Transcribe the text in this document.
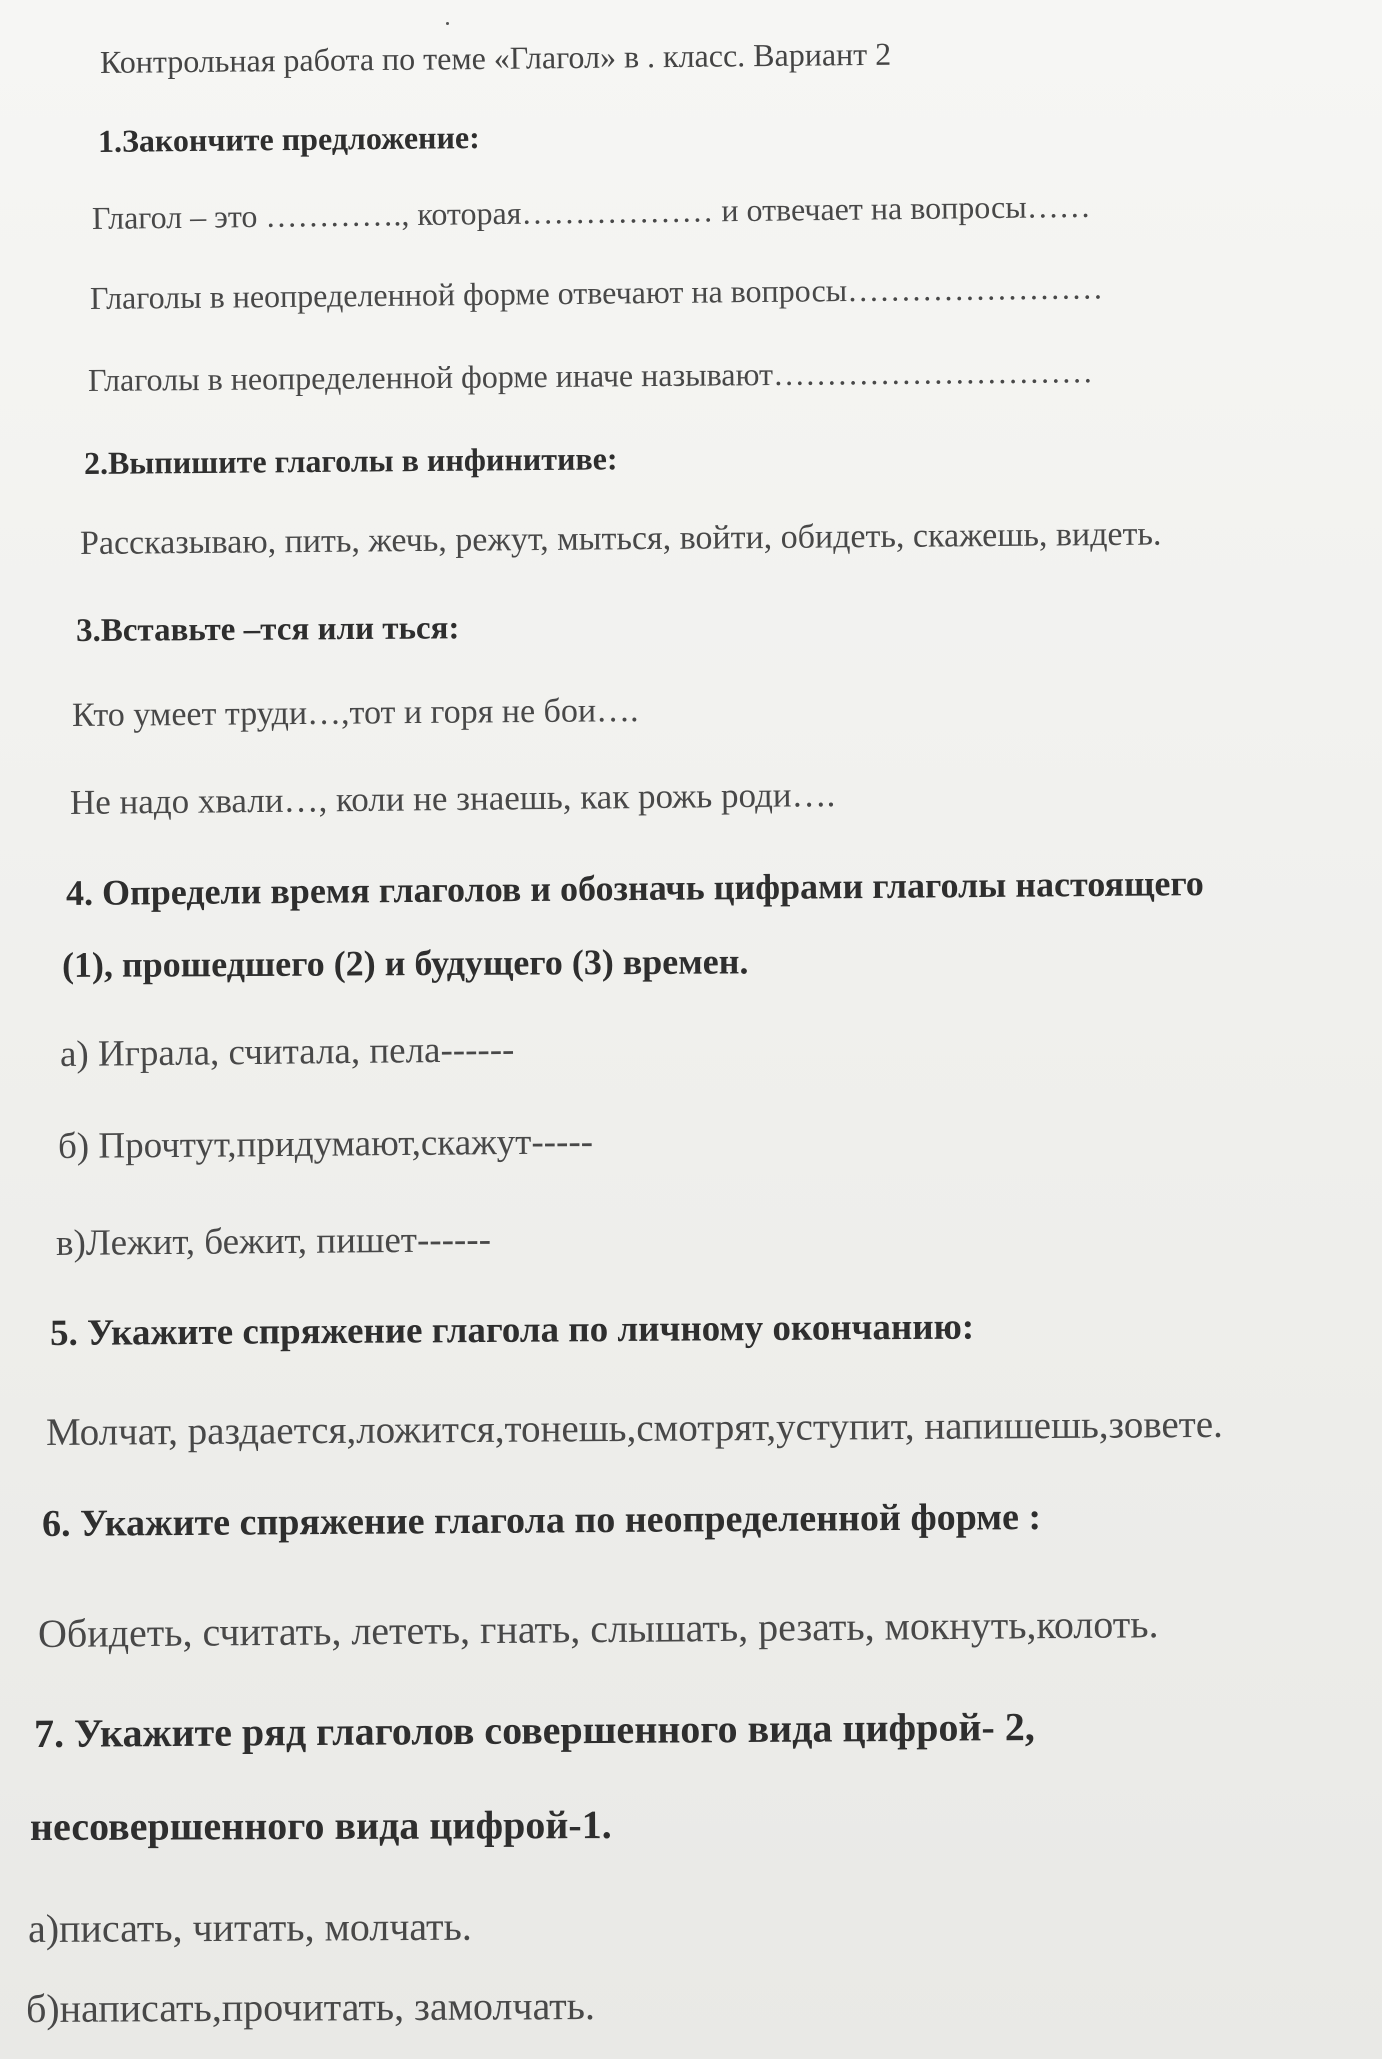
Контрольная работа по теме «Глагол» в . класс. Вариант 2
1.Закончите предложение:
Глагол – это …………., которая……………… и отвечает на вопросы……
Глаголы в неопределенной форме отвечают на вопросы……………………
Глаголы в неопределенной форме иначе называют…………………………
2.Выпишите глаголы в инфинитиве:
Рассказываю, пить, жечь, режут, мыться, войти, обидеть, скажешь, видеть.
3.Вставьте –тся или ться:
Кто умеет труди…,тот и горя не бои….
Не надо хвали…, коли не знаешь, как рожь роди….
4. Определи время глаголов и обозначь цифрами глаголы настоящего
(1), прошедшего (2) и будущего (3) времен.
а) Играла, считала, пела------
б) Прочтут,придумают,скажут-----
в)Лежит, бежит, пишет------
5. Укажите спряжение глагола по личному окончанию:
Молчат, раздается,ложится,тонешь,смотрят,уступит, напишешь,зовете.
6. Укажите спряжение глагола по неопределенной форме :
Обидеть, считать, лететь, гнать, слышать, резать, мокнуть,колоть.
7. Укажите ряд глаголов совершенного вида цифрой- 2,
несовершенного вида цифрой-1.
а)писать, читать, молчать.
б)написать,прочитать, замолчать.
